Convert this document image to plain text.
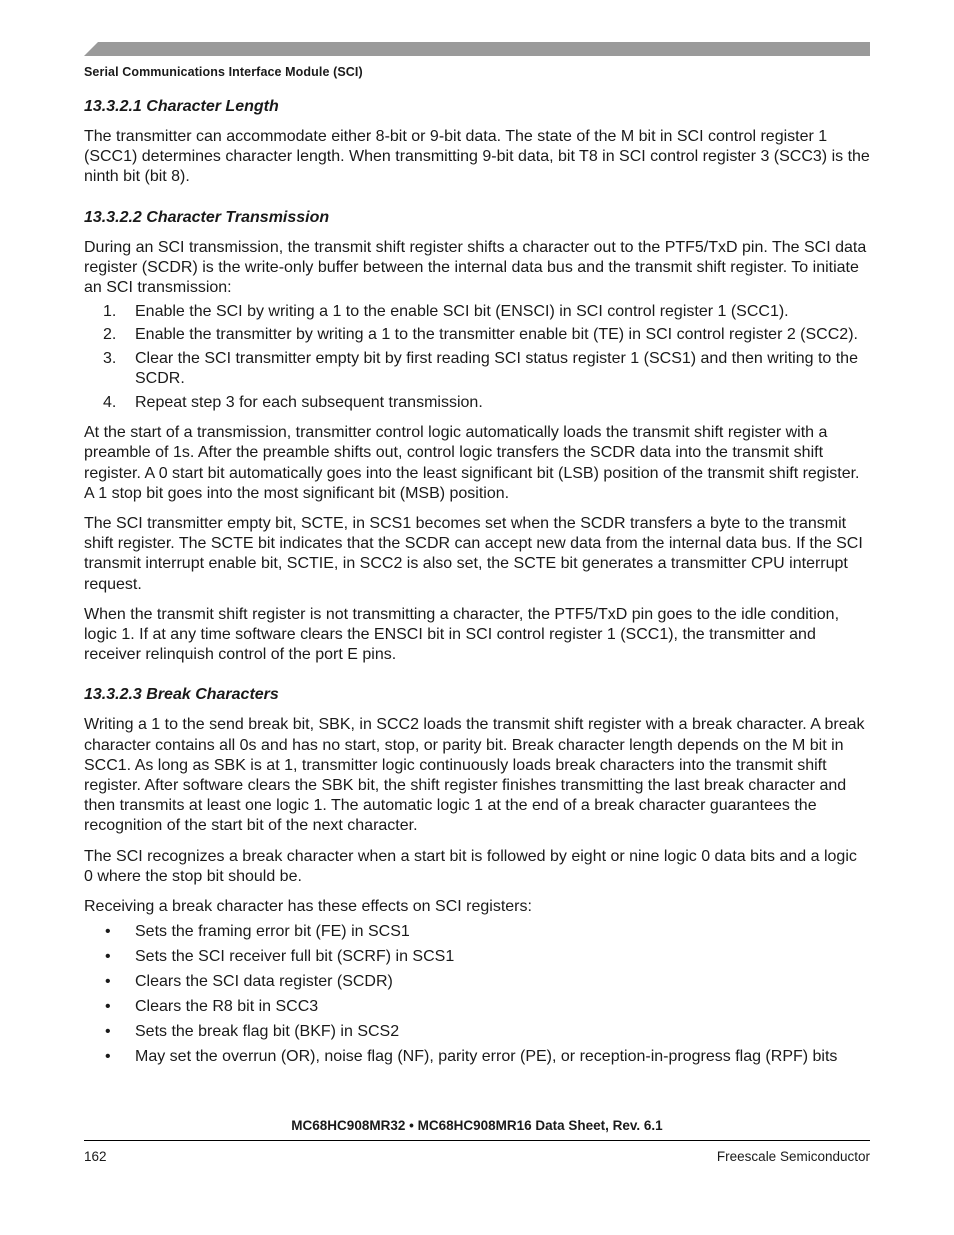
Serial Communications Interface Module (SCI)
13.3.2.1 Character Length

The transmitter can accommodate either 8-bit or 9-bit data. The state of the M bit in SCI control register 1 (SCC1) determines character length. When transmitting 9-bit data, bit T8 in SCI control register 3 (SCC3) is the ninth bit (bit 8).

13.3.2.2 Character Transmission

During an SCI transmission, the transmit shift register shifts a character out to the PTF5/TxD pin. The SCI data register (SCDR) is the write-only buffer between the internal data bus and the transmit shift register. To initiate an SCI transmission:

1. Enable the SCI by writing a 1 to the enable SCI bit (ENSCI) in SCI control register 1 (SCC1).
2. Enable the transmitter by writing a 1 to the transmitter enable bit (TE) in SCI control register 2 (SCC2).
3. Clear the SCI transmitter empty bit by first reading SCI status register 1 (SCS1) and then writing to the SCDR.
4. Repeat step 3 for each subsequent transmission.

At the start of a transmission, transmitter control logic automatically loads the transmit shift register with a preamble of 1s. After the preamble shifts out, control logic transfers the SCDR data into the transmit shift register. A 0 start bit automatically goes into the least significant bit (LSB) position of the transmit shift register. A 1 stop bit goes into the most significant bit (MSB) position.

The SCI transmitter empty bit, SCTE, in SCS1 becomes set when the SCDR transfers a byte to the transmit shift register. The SCTE bit indicates that the SCDR can accept new data from the internal data bus. If the SCI transmit interrupt enable bit, SCTIE, in SCC2 is also set, the SCTE bit generates a transmitter CPU interrupt request.

When the transmit shift register is not transmitting a character, the PTF5/TxD pin goes to the idle condition, logic 1. If at any time software clears the ENSCI bit in SCI control register 1 (SCC1), the transmitter and receiver relinquish control of the port E pins.

13.3.2.3 Break Characters

Writing a 1 to the send break bit, SBK, in SCC2 loads the transmit shift register with a break character. A break character contains all 0s and has no start, stop, or parity bit. Break character length depends on the M bit in SCC1. As long as SBK is at 1, transmitter logic continuously loads break characters into the transmit shift register. After software clears the SBK bit, the shift register finishes transmitting the last break character and then transmits at least one logic 1. The automatic logic 1 at the end of a break character guarantees the recognition of the start bit of the next character.

The SCI recognizes a break character when a start bit is followed by eight or nine logic 0 data bits and a logic 0 where the stop bit should be.

Receiving a break character has these effects on SCI registers:

• Sets the framing error bit (FE) in SCS1
• Sets the SCI receiver full bit (SCRF) in SCS1
• Clears the SCI data register (SCDR)
• Clears the R8 bit in SCC3
• Sets the break flag bit (BKF) in SCS2
• May set the overrun (OR), noise flag (NF), parity error (PE), or reception-in-progress flag (RPF) bits
MC68HC908MR32 • MC68HC908MR16 Data Sheet, Rev. 6.1
162	Freescale Semiconductor
